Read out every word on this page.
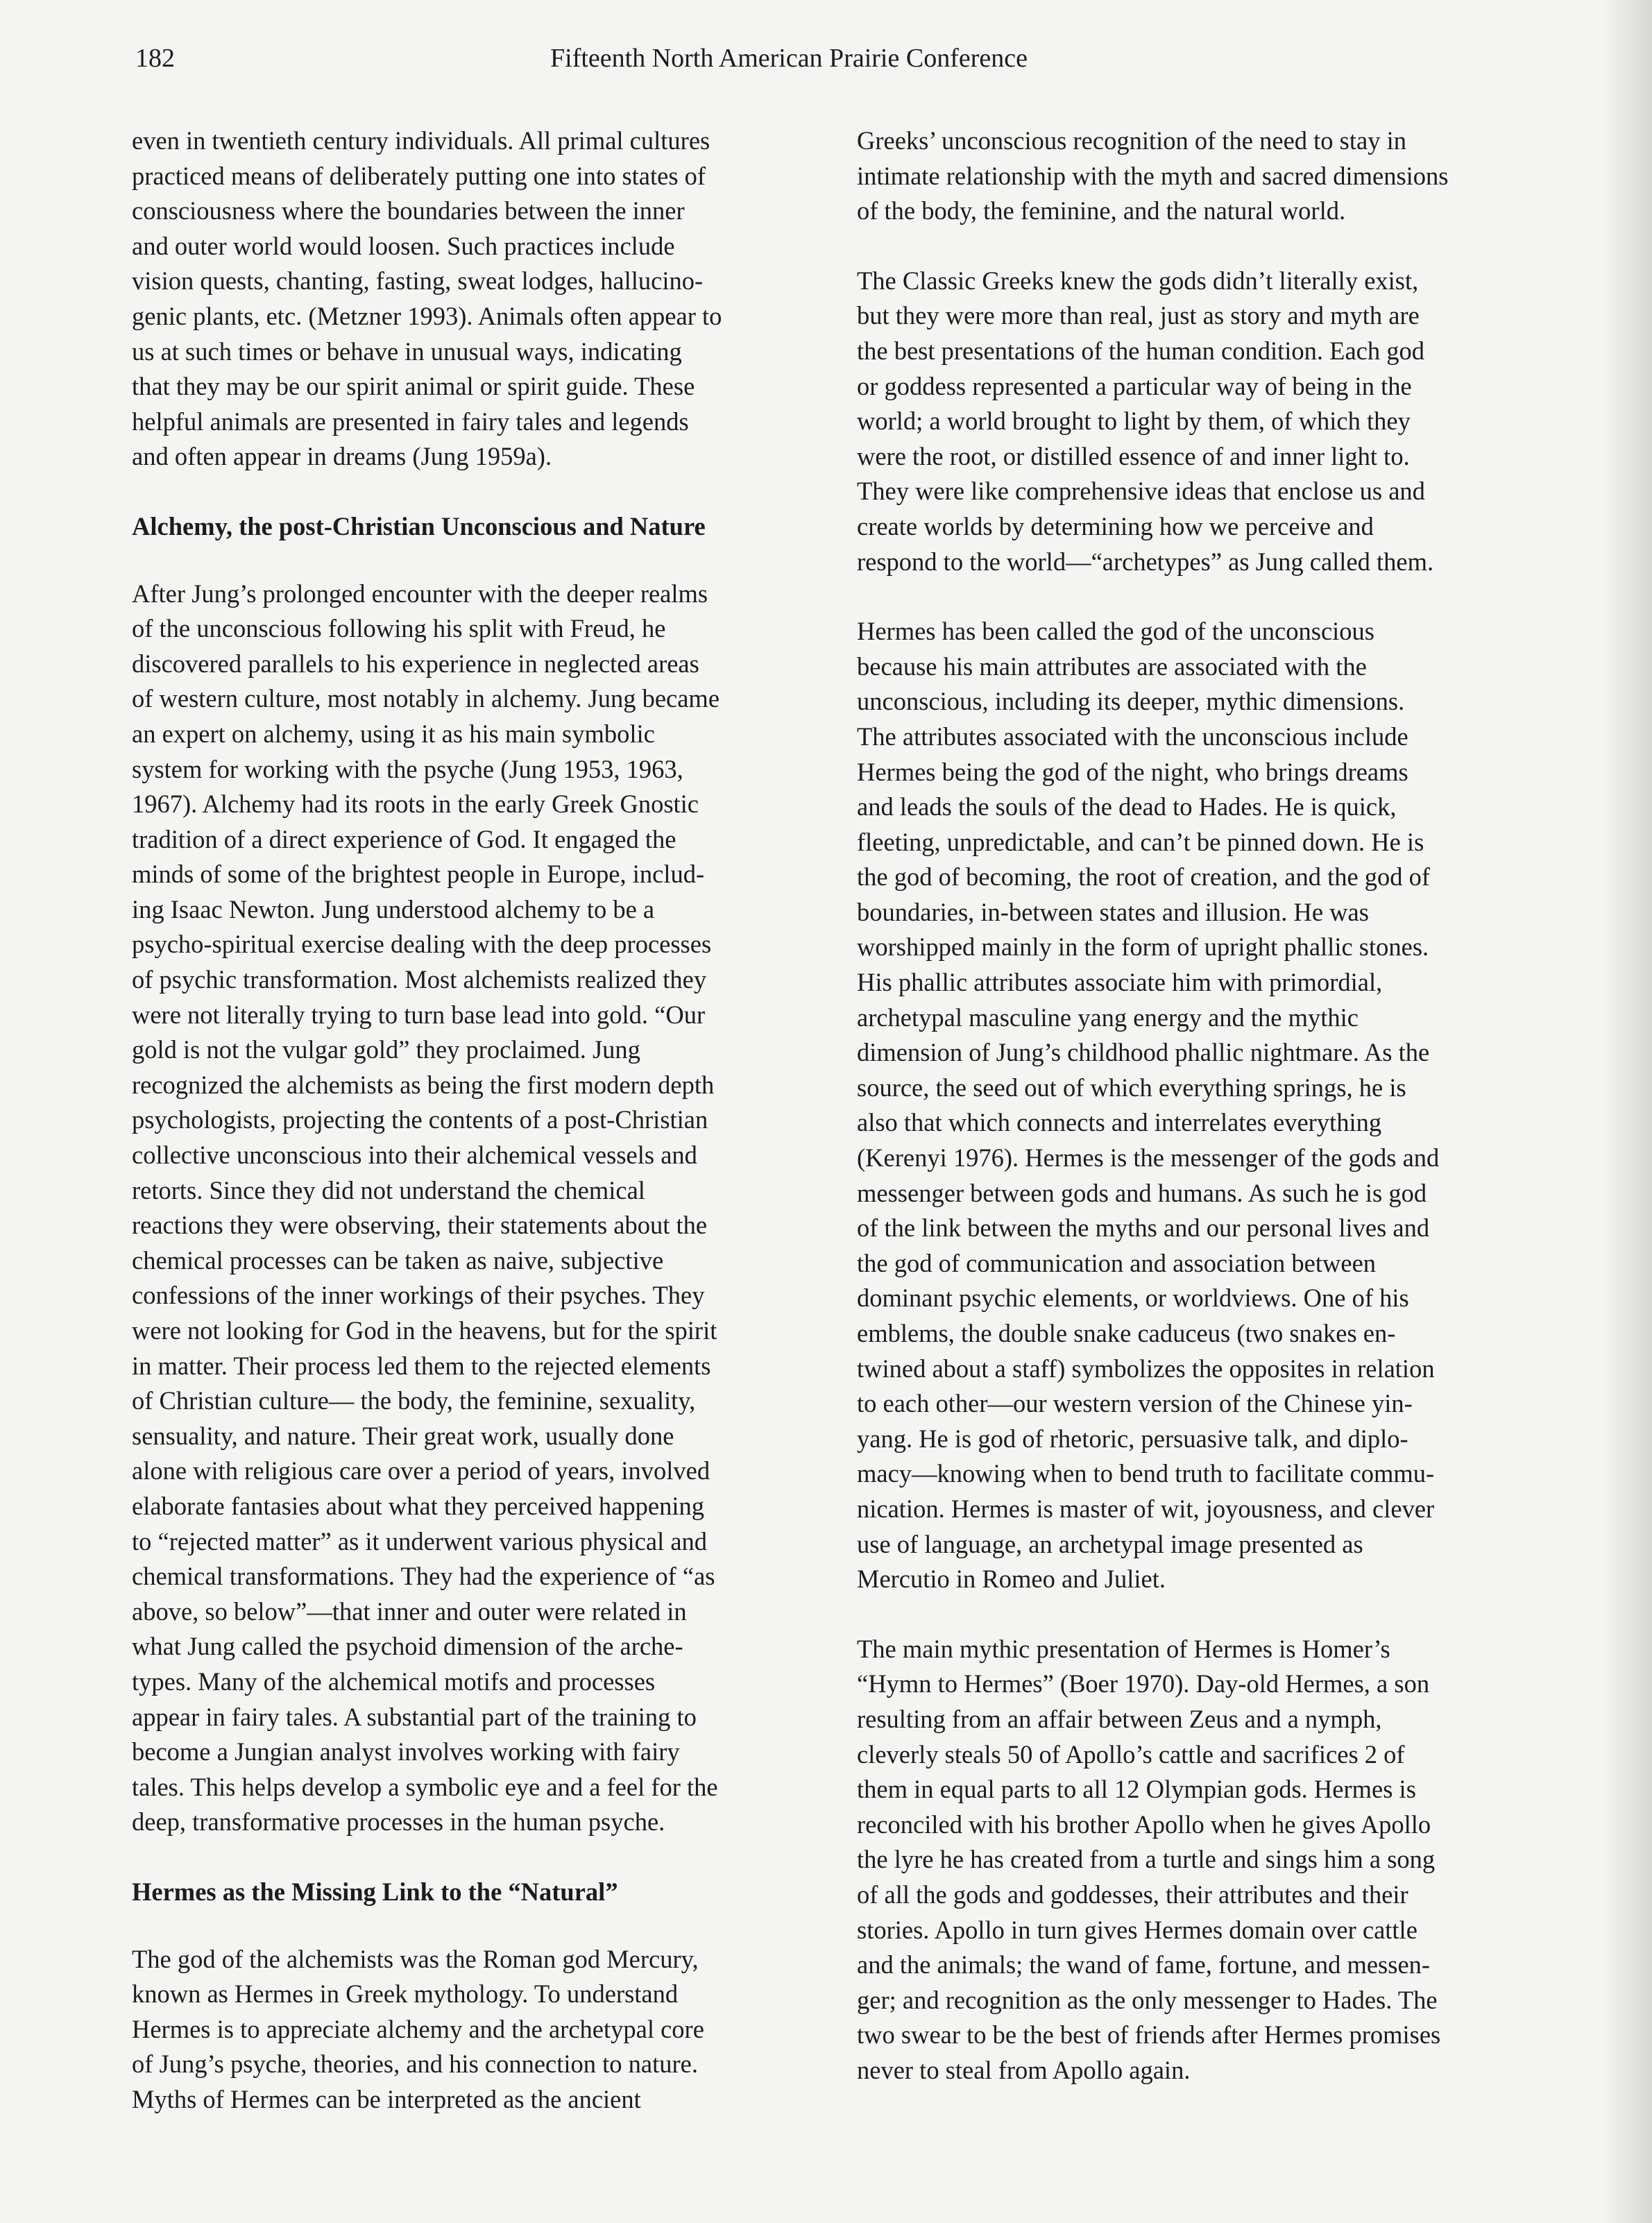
182	Fifteenth North American Prairie Conference

even in twentieth century individuals. All primal cultures
practiced means of deliberately putting one into states of
consciousness where the boundaries between the inner
and outer world would loosen. Such practices include
vision quests, chanting, fasting, sweat lodges, hallucino-
genic plants, etc. (Metzner 1993). Animals often appear to
us at such times or behave in unusual ways, indicating
that they may be our spirit animal or spirit guide. These
helpful animals are presented in fairy tales and legends
and often appear in dreams (Jung 1959a).

Alchemy, the post-Christian Unconscious and Nature

After Jung’s prolonged encounter with the deeper realms
of the unconscious following his split with Freud, he
discovered parallels to his experience in neglected areas
of western culture, most notably in alchemy. Jung became
an expert on alchemy, using it as his main symbolic
system for working with the psyche (Jung 1953, 1963,
1967). Alchemy had its roots in the early Greek Gnostic
tradition of a direct experience of God. It engaged the
minds of some of the brightest people in Europe, includ-
ing Isaac Newton. Jung understood alchemy to be a
psycho-spiritual exercise dealing with the deep processes
of psychic transformation. Most alchemists realized they
were not literally trying to turn base lead into gold. “Our
gold is not the vulgar gold” they proclaimed. Jung
recognized the alchemists as being the first modern depth
psychologists, projecting the contents of a post-Christian
collective unconscious into their alchemical vessels and
retorts. Since they did not understand the chemical
reactions they were observing, their statements about the
chemical processes can be taken as naive, subjective
confessions of the inner workings of their psyches. They
were not looking for God in the heavens, but for the spirit
in matter. Their process led them to the rejected elements
of Christian culture— the body, the feminine, sexuality,
sensuality, and nature. Their great work, usually done
alone with religious care over a period of years, involved
elaborate fantasies about what they perceived happening
to “rejected matter” as it underwent various physical and
chemical transformations. They had the experience of “as
above, so below”—that inner and outer were related in
what Jung called the psychoid dimension of the arche-
types. Many of the alchemical motifs and processes
appear in fairy tales. A substantial part of the training to
become a Jungian analyst involves working with fairy
tales. This helps develop a symbolic eye and a feel for the
deep, transformative processes in the human psyche.

Hermes as the Missing Link to the “Natural”

The god of the alchemists was the Roman god Mercury,
known as Hermes in Greek mythology. To understand
Hermes is to appreciate alchemy and the archetypal core
of Jung’s psyche, theories, and his connection to nature.
Myths of Hermes can be interpreted as the ancient

Greeks’ unconscious recognition of the need to stay in
intimate relationship with the myth and sacred dimensions
of the body, the feminine, and the natural world.

The Classic Greeks knew the gods didn’t literally exist,
but they were more than real, just as story and myth are
the best presentations of the human condition. Each god
or goddess represented a particular way of being in the
world; a world brought to light by them, of which they
were the root, or distilled essence of and inner light to.
They were like comprehensive ideas that enclose us and
create worlds by determining how we perceive and
respond to the world—“archetypes” as Jung called them.

Hermes has been called the god of the unconscious
because his main attributes are associated with the
unconscious, including its deeper, mythic dimensions.
The attributes associated with the unconscious include
Hermes being the god of the night, who brings dreams
and leads the souls of the dead to Hades. He is quick,
fleeting, unpredictable, and can’t be pinned down. He is
the god of becoming, the root of creation, and the god of
boundaries, in-between states and illusion. He was
worshipped mainly in the form of upright phallic stones.
His phallic attributes associate him with primordial,
archetypal masculine yang energy and the mythic
dimension of Jung’s childhood phallic nightmare. As the
source, the seed out of which everything springs, he is
also that which connects and interrelates everything
(Kerenyi 1976). Hermes is the messenger of the gods and
messenger between gods and humans. As such he is god
of the link between the myths and our personal lives and
the god of communication and association between
dominant psychic elements, or worldviews. One of his
emblems, the double snake caduceus (two snakes en-
twined about a staff) symbolizes the opposites in relation
to each other—our western version of the Chinese yin-
yang. He is god of rhetoric, persuasive talk, and diplo-
macy—knowing when to bend truth to facilitate commu-
nication. Hermes is master of wit, joyousness, and clever
use of language, an archetypal image presented as
Mercutio in Romeo and Juliet.

The main mythic presentation of Hermes is Homer’s
“Hymn to Hermes” (Boer 1970). Day-old Hermes, a son
resulting from an affair between Zeus and a nymph,
cleverly steals 50 of Apollo’s cattle and sacrifices 2 of
them in equal parts to all 12 Olympian gods. Hermes is
reconciled with his brother Apollo when he gives Apollo
the lyre he has created from a turtle and sings him a song
of all the gods and goddesses, their attributes and their
stories. Apollo in turn gives Hermes domain over cattle
and the animals; the wand of fame, fortune, and messen-
ger; and recognition as the only messenger to Hades. The
two swear to be the best of friends after Hermes promises
never to steal from Apollo again.
